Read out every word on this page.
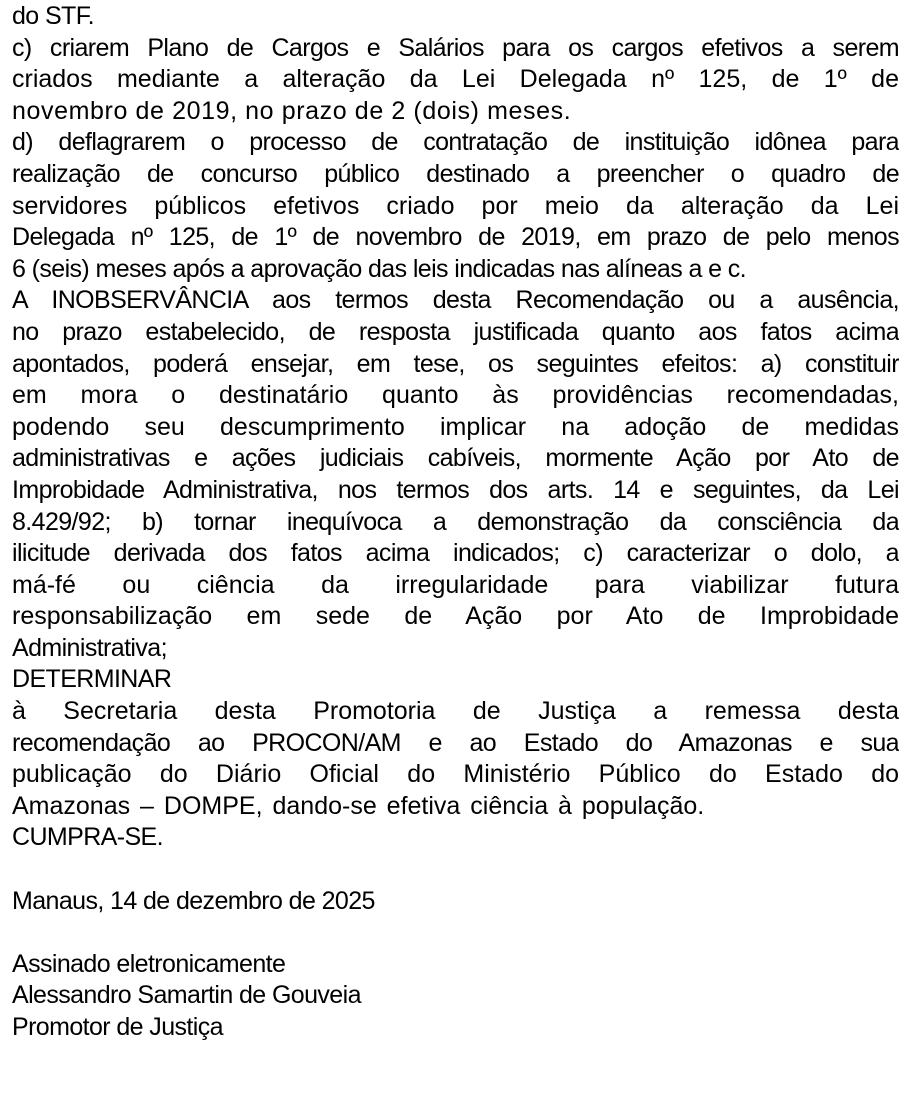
do STF.
c) criarem Plano de Cargos e Salários para os cargos efetivos a serem
criados mediante a alteração da Lei Delegada nº 125, de 1º de
novembro de 2019, no prazo de 2 (dois) meses.
d) deflagrarem o processo de contratação de instituição idônea para
realização de concurso público destinado a preencher o quadro de
servidores públicos efetivos criado por meio da alteração da Lei
Delegada nº 125, de 1º de novembro de 2019, em prazo de pelo menos
6 (seis) meses após a aprovação das leis indicadas nas alíneas a e c.
A INOBSERVÂNCIA aos termos desta Recomendação ou a ausência,
no prazo estabelecido, de resposta justificada quanto aos fatos acima
apontados, poderá ensejar, em tese, os seguintes efeitos: a) constituir
em mora o destinatário quanto às providências recomendadas,
podendo seu descumprimento implicar na adoção de medidas
administrativas e ações judiciais cabíveis, mormente Ação por Ato de
Improbidade Administrativa, nos termos dos arts. 14 e seguintes, da Lei
8.429/92; b) tornar inequívoca a demonstração da consciência da
ilicitude derivada dos fatos acima indicados; c) caracterizar o dolo, a
má-fé ou ciência da irregularidade para viabilizar futura
responsabilização em sede de Ação por Ato de Improbidade
Administrativa;
DETERMINAR
à Secretaria desta Promotoria de Justiça a remessa desta
recomendação ao PROCON/AM e ao Estado do Amazonas e sua
publicação do Diário Oficial do Ministério Público do Estado do
Amazonas – DOMPE, dando-se efetiva ciência à população.
CUMPRA-SE.
Manaus, 14 de dezembro de 2025
Assinado eletronicamente
Alessandro Samartin de Gouveia
Promotor de Justiça
